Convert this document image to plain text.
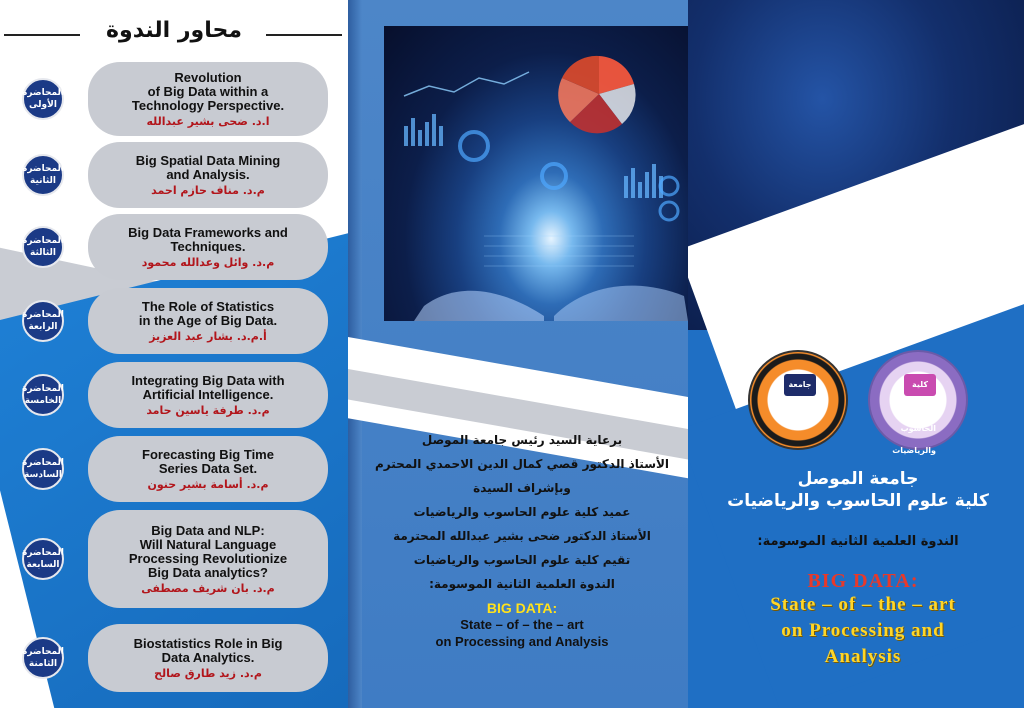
محاور الندوة
المحاضرة الأولى
Revolution
of Big Data within a
Technology Perspective.
ا.د. ضحى بشير عبدالله
المحاضرة الثانية
Big Spatial Data Mining
and Analysis.
م.د. مناف حازم احمد
المحاضرة الثالثة
Big Data Frameworks and
Techniques.
م.د. وائل وعدالله محمود
المحاضرة الرابعة
The Role of Statistics
in the Age of Big Data.
أ.م.د. بشار عبد العزيز
المحاضرة الخامسة
Integrating Big Data with
Artificial Intelligence.
م.د. طرفة ياسين حامد
المحاضرة السادسة
Forecasting Big Time
Series Data Set.
م.د. أسامة بشير حنون
المحاضرة السابعة
Big Data and NLP:
Will Natural Language
Processing Revolutionize
Big Data analytics?
م.د. بان شريف مصطفى
المحاضرة الثامنة
Biostatistics Role in Big
Data Analytics.
م.د. زيد طارق صالح
برعاية السيد رئيس جامعة الموصل
الأستاذ الدكتور قصي كمال الدين الاحمدي المحترم
وبإشراف السيدة
عميد كلية علوم الحاسوب والرياضيات
الأستاذ الدكتور ضحى بشير عبدالله المحترمة
تقيم كلية علوم الحاسوب والرياضيات
الندوة العلمية الثانية الموسومة:
BIG DATA:
State – of – the – art
on Processing and Analysis
جامعة الموصل
كلية علوم الحاسوب والرياضيات
جامعة الموصل
كلية علوم الحاسوب والرياضيات
الندوة العلمية الثانية الموسومة:
BIG DATA:
State – of – the – art
on Processing and
Analysis
